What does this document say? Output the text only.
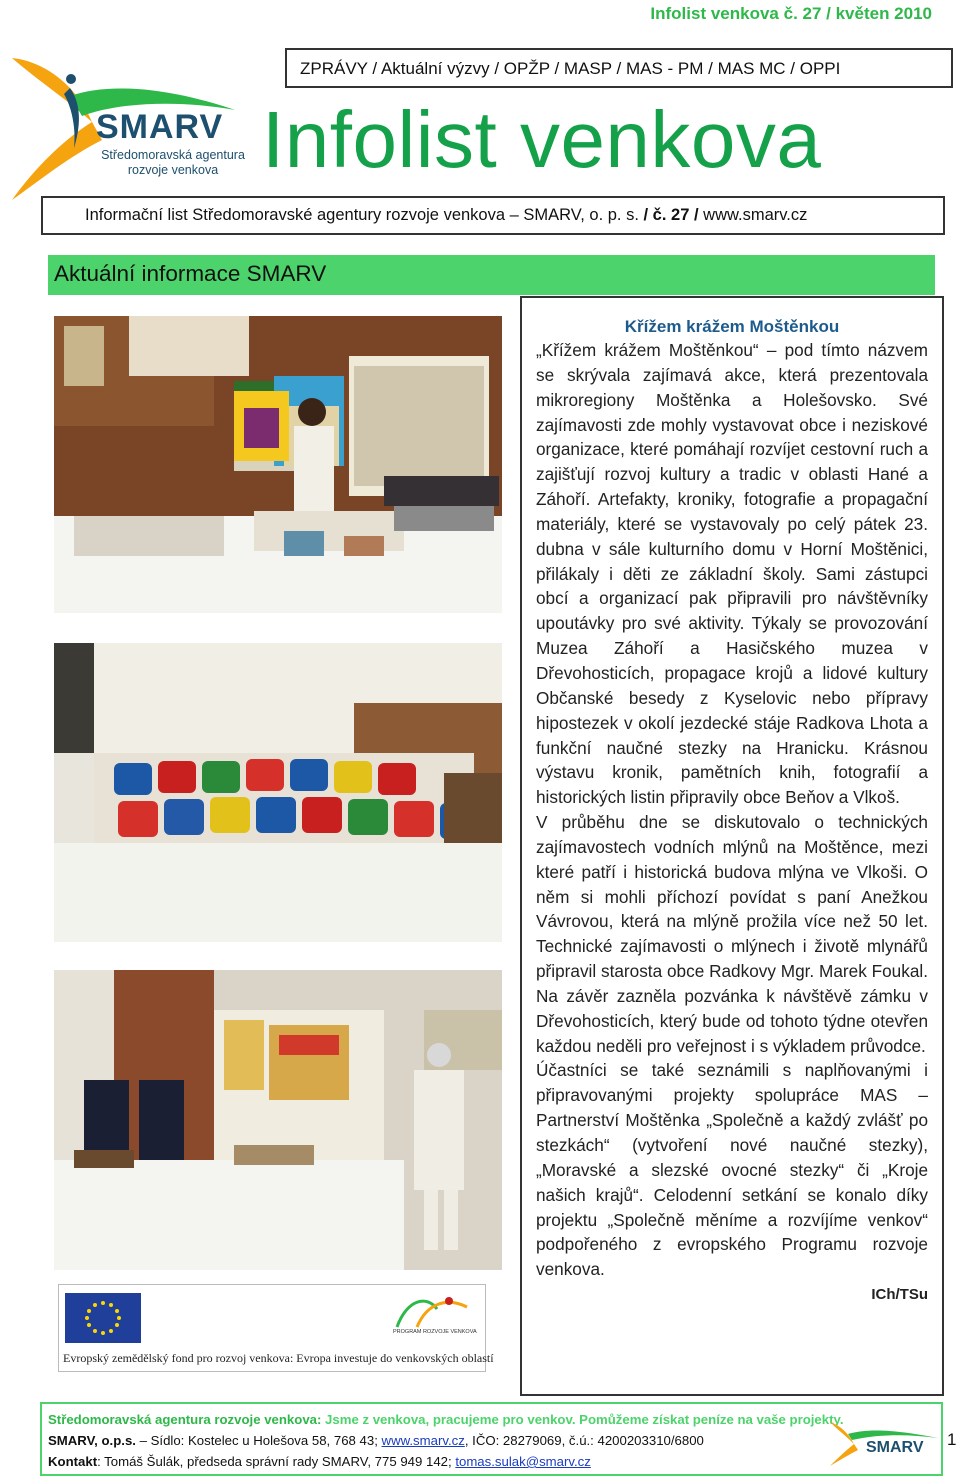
Infolist venkova č. 27 / květen 2010
SMARV
Středomoravská agentura
rozvoje venkova
ZPRÁVY / Aktuální výzvy / OPŽP / MASP / MAS - PM / MAS MC / OPPI
Infolist venkova
Informační list Středomoravské agentury rozvoje venkova – SMARV, o. p. s. / č. 27 / www.smarv.cz
Aktuální informace SMARV
PROGRAM ROZVOJE VENKOVA
Evropský zemědělský fond pro rozvoj venkova: Evropa investuje do venkovských oblastí
Křížem krážem Moštěnkou

„Křížem krážem Moštěnkou“ – pod tímto názvem se skrývala zajímavá akce, která prezentovala mikroregiony Moštěnka a Holešovsko. Své zajímavosti zde mohly vystavovat obce i neziskové organizace, které pomáhají rozvíjet cestovní ruch a zajišťují rozvoj kultury a tradic v oblasti Hané a Záhoří. Artefakty, kroniky, fotografie a propagační materiály, které se vystavovaly po celý pátek 23. dubna v sále kulturního domu v Horní Moštěnici, přilákaly i děti ze základní školy. Sami zástupci obcí a organizací pak připravili pro návštěvníky upoutávky pro své aktivity. Týkaly se provozování Muzea Záhoří a Hasičského muzea v Dřevohosticích, propagace krojů a lidové kultury Občanské besedy z Kyselovic nebo přípravy hipostezek v okolí jezdecké stáje Radkova Lhota a funkční naučné stezky na Hranicku. Krásnou výstavu kronik, pamětních knih, fotografií a historických listin připravily obce Beňov a Vlkoš.

V průběhu dne se diskutovalo o technických zajímavostech vodních mlýnů na Moštěnce, mezi které patří i historická budova mlýna ve Vlkoši. O něm si mohli příchozí povídat s paní Anežkou Vávrovou, která na mlýně prožila více než 50 let. Technické zajímavosti o mlýnech i životě mlynářů připravil starosta obce Radkovy Mgr. Marek Foukal. Na závěr zazněla pozvánka k návštěvě zámku v Dřevohosticích, který bude od tohoto týdne otevřen každou neděli pro veřejnost i s výkladem průvodce.

Účastníci se také seznámili s naplňovanými i připravovanými projekty spolupráce MAS – Partnerství Moštěnka „Společně a každý zvlášť po stezkách“ (vytvoření nové naučné stezky), „Moravské a slezské ovocné stezky“ či „Kroje našich krajů“. Celodenní setkání se konalo díky projektu „Společně měníme a rozvíjíme venkov“ podpořeného z evropského Programu rozvoje venkova.

ICh/TSu
Středomoravská agentura rozvoje venkova: Jsme z venkova, pracujeme pro venkov. Pomůžeme získat peníze na vaše projekty.
SMARV, o.p.s. – Sídlo: Kostelec u Holešova 58, 768 43; www.smarv.cz, IČO: 28279069, č.ú.: 4200203310/6800
Kontakt: Tomáš Šulák, předseda správní rady SMARV, 775 949 142; tomas.sulak@smarv.cz
SMARV 1
